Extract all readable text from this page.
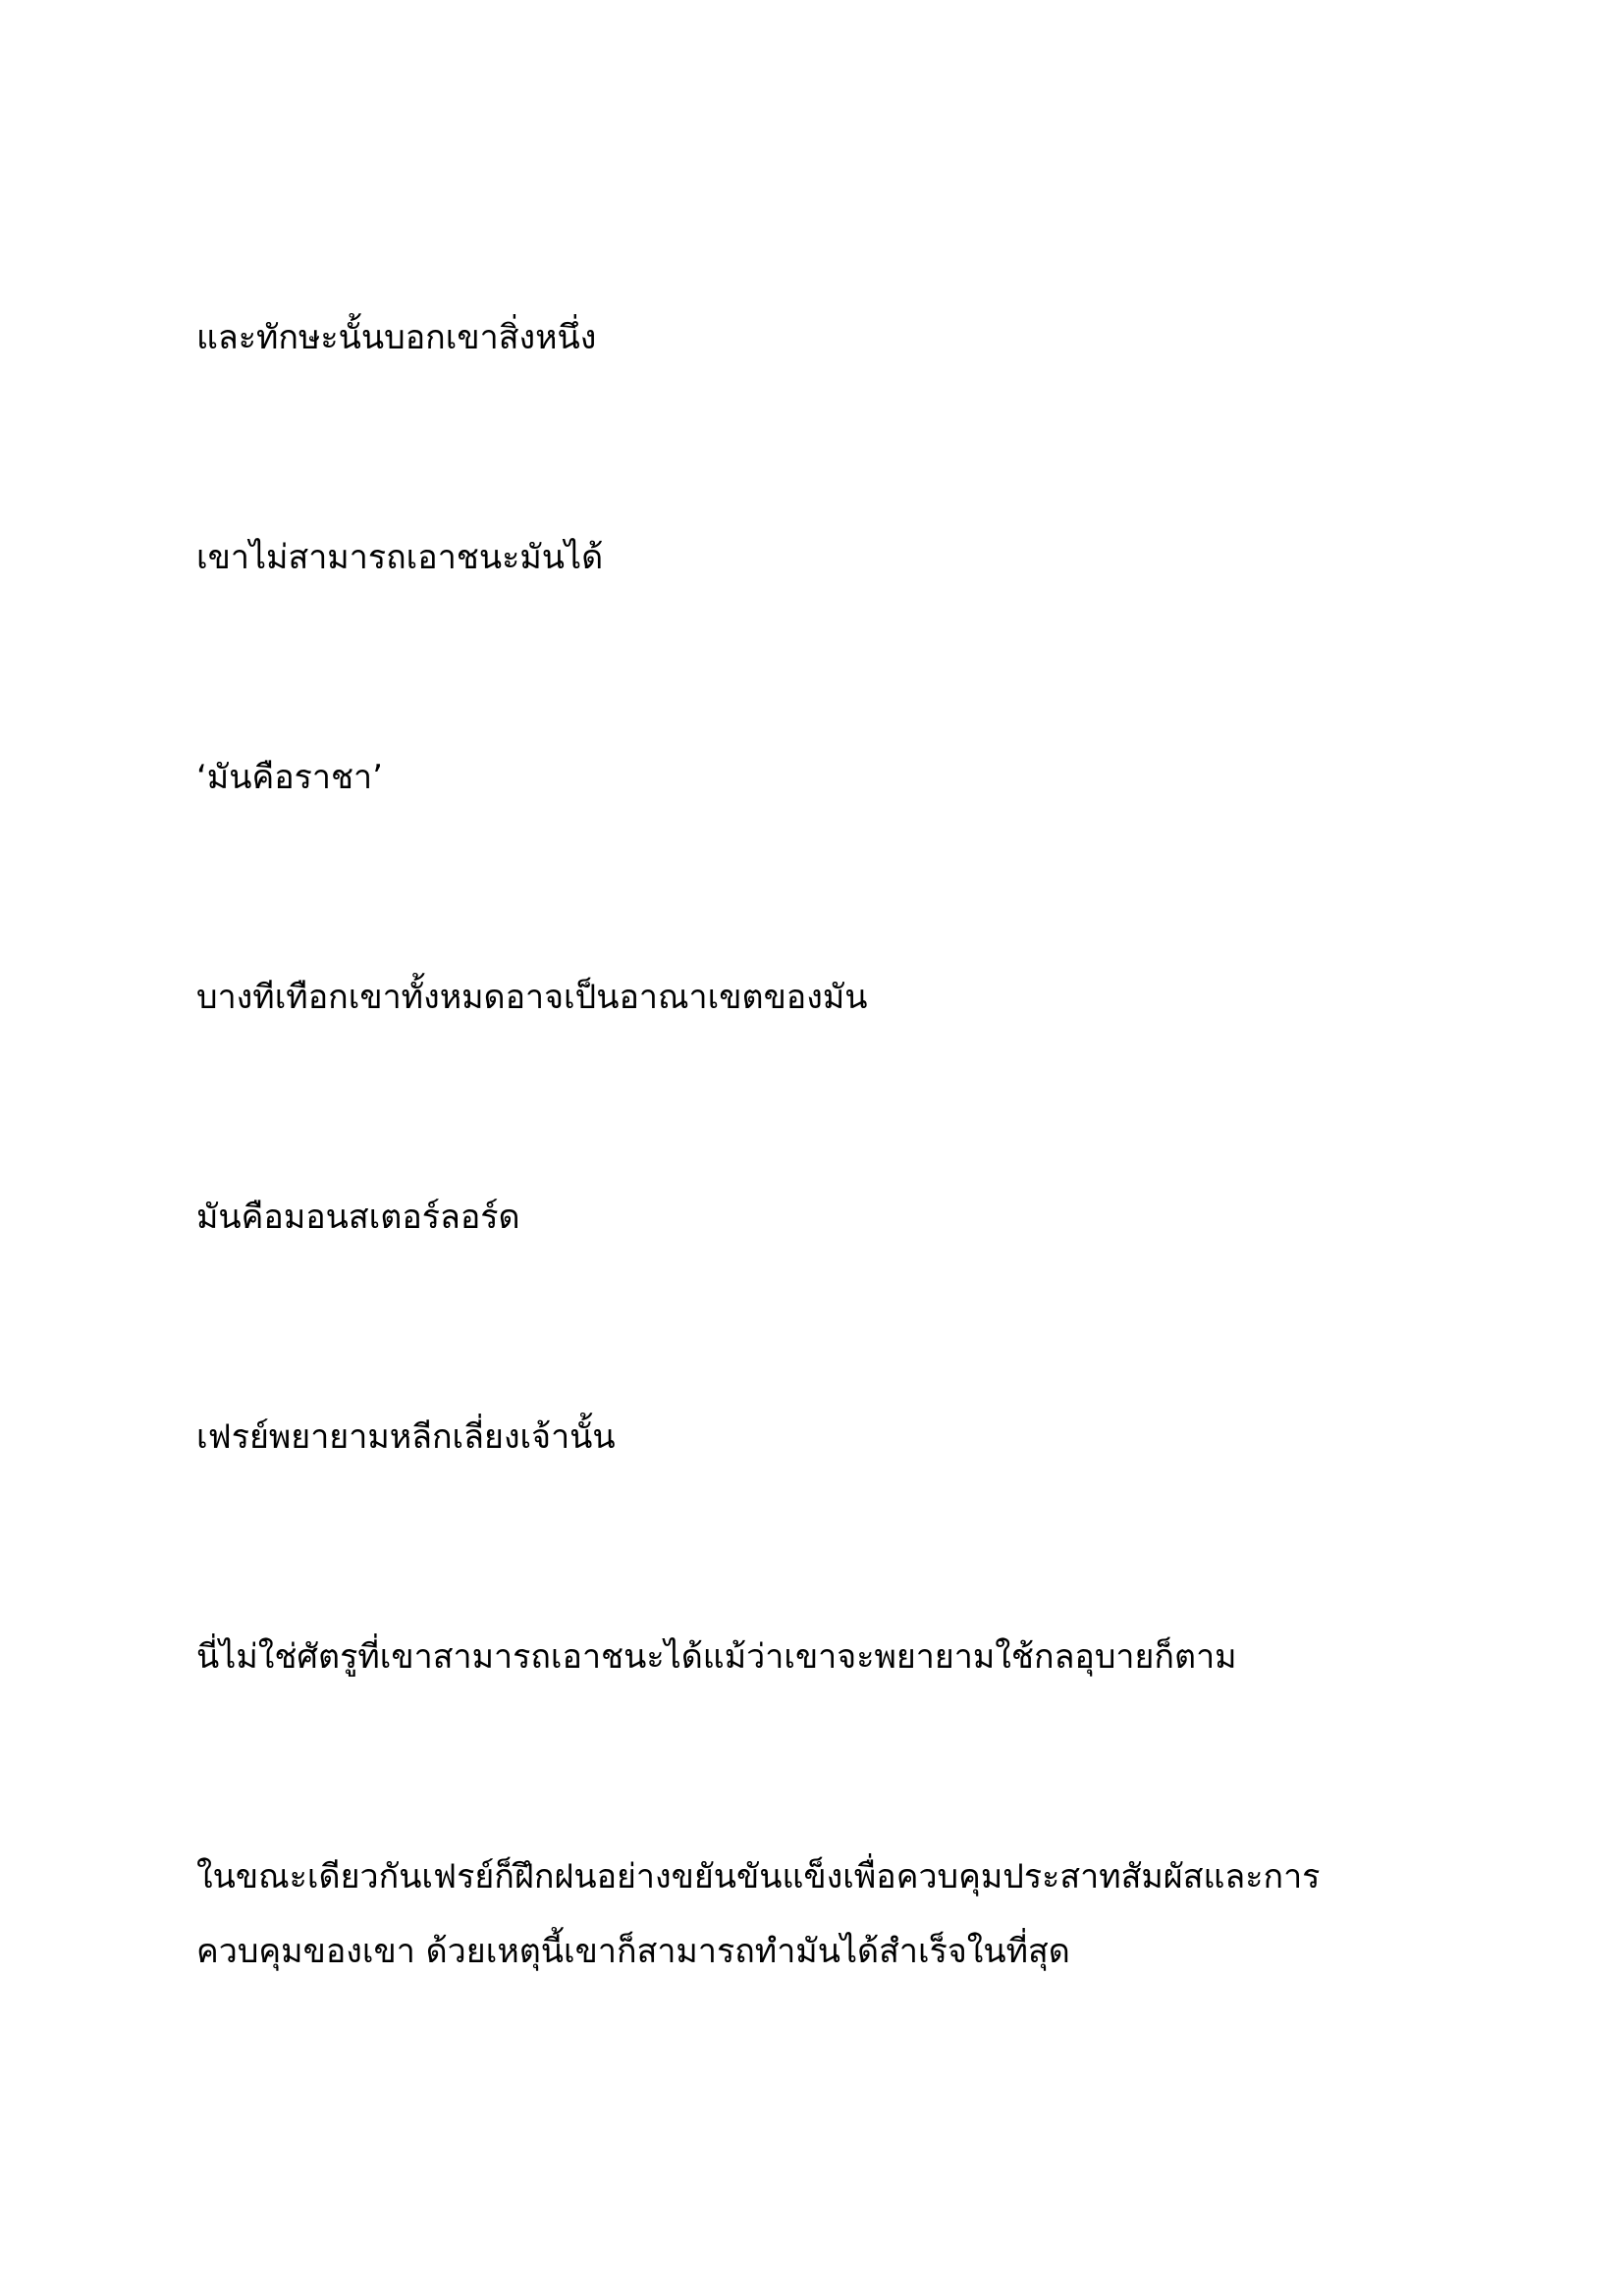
และทักษะนั้นบอกเขาสิ่งหนึ่ง

เขาไม่สามารถเอาชนะมันได้

‘มันคือราชา’

บางทีเทือกเขาทั้งหมดอาจเป็นอาณาเขตของมัน

มันคือมอนสเตอร์ลอร์ด

เฟรย์พยายามหลีกเลี่ยงเจ้านั้น

นี่ไม่ใช่ศัตรูที่เขาสามารถเอาชนะได้แม้ว่าเขาจะพยายามใช้กลอุบายก็ตาม

ในขณะเดียวกันเฟรย์ก็ฝึกฝนอย่างขยันขันแข็งเพื่อควบคุมประสาทสัมผัสและการ
ควบคุมของเขา ด้วยเหตุนี้เขาก็สามารถทำมันได้สำเร็จในที่สุด
